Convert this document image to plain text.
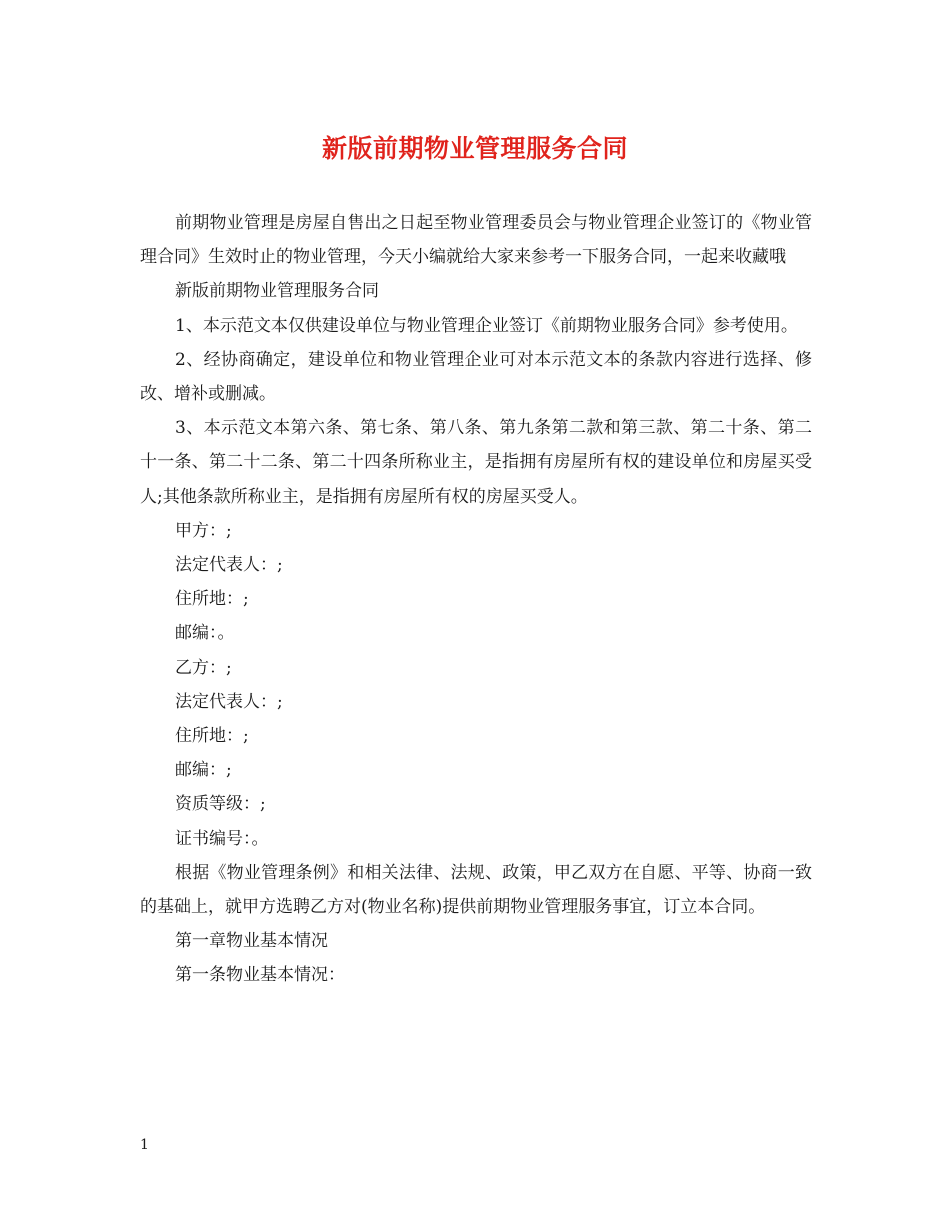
新版前期物业管理服务合同

前期物业管理是房屋自售出之日起至物业管理委员会与物业管理企业签订的《物业管理合同》生效时止的物业管理，今天小编就给大家来参考一下服务合同，一起来收藏哦

新版前期物业管理服务合同

1、本示范文本仅供建设单位与物业管理企业签订《前期物业服务合同》参考使用。

2、经协商确定，建设单位和物业管理企业可对本示范文本的条款内容进行选择、修改、增补或删减。

3、本示范文本第六条、第七条、第八条、第九条第二款和第三款、第二十条、第二十一条、第二十二条、第二十四条所称业主，是指拥有房屋所有权的建设单位和房屋买受人;其他条款所称业主，是指拥有房屋所有权的房屋买受人。

甲方：;

法定代表人：;

住所地：;

邮编：。

乙方：;

法定代表人：;

住所地：;

邮编：;

资质等级：;

证书编号：。

根据《物业管理条例》和相关法律、法规、政策，甲乙双方在自愿、平等、协商一致的基础上，就甲方选聘乙方对(物业名称)提供前期物业管理服务事宜，订立本合同。

第一章物业基本情况

第一条物业基本情况：

1
